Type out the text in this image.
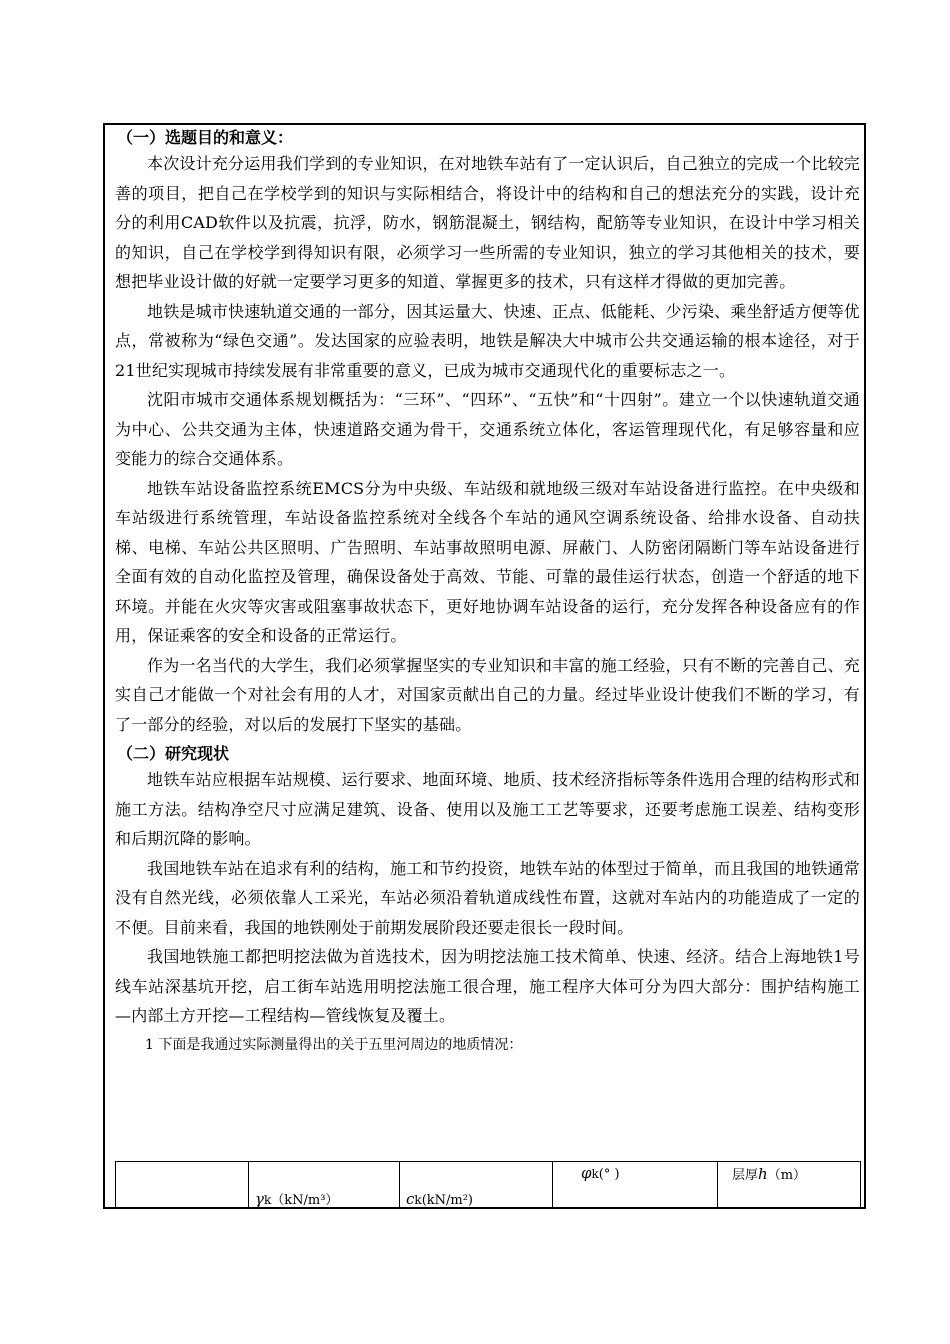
（一）选题目的和意义：

本次设计充分运用我们学到的专业知识，在对地铁车站有了一定认识后，自己独立的完成一个比较完善的项目，把自己在学校学到的知识与实际相结合，将设计中的结构和自己的想法充分的实践，设计充分的利用CAD软件以及抗震，抗浮，防水，钢筋混凝土，钢结构，配筋等专业知识，在设计中学习相关的知识，自己在学校学到得知识有限，必须学习一些所需的专业知识，独立的学习其他相关的技术，要想把毕业设计做的好就一定要学习更多的知道、掌握更多的技术，只有这样才得做的更加完善。

地铁是城市快速轨道交通的一部分，因其运量大、快速、正点、低能耗、少污染、乘坐舒适方便等优点，常被称为“绿色交通”。发达国家的应验表明，地铁是解决大中城市公共交通运输的根本途径，对于21世纪实现城市持续发展有非常重要的意义，已成为城市交通现代化的重要标志之一。

沈阳市城市交通体系规划概括为：“三环”、“四环”、“五快”和“十四射”。建立一个以快速轨道交通为中心、公共交通为主体，快速道路交通为骨干，交通系统立体化，客运管理现代化，有足够容量和应变能力的综合交通体系。

地铁车站设备监控系统EMCS分为中央级、车站级和就地级三级对车站设备进行监控。在中央级和车站级进行系统管理，车站设备监控系统对全线各个车站的通风空调系统设备、给排水设备、自动扶梯、电梯、车站公共区照明、广告照明、车站事故照明电源、屏蔽门、人防密闭隔断门等车站设备进行全面有效的自动化监控及管理，确保设备处于高效、节能、可靠的最佳运行状态，创造一个舒适的地下环境。并能在火灾等灾害或阻塞事故状态下，更好地协调车站设备的运行，充分发挥各种设备应有的作用，保证乘客的安全和设备的正常运行。

作为一名当代的大学生，我们必须掌握坚实的专业知识和丰富的施工经验，只有不断的完善自己、充实自己才能做一个对社会有用的人才，对国家贡献出自己的力量。经过毕业设计使我们不断的学习，有了一部分的经验，对以后的发展打下坚实的基础。

（二）研究现状

地铁车站应根据车站规模、运行要求、地面环境、地质、技术经济指标等条件选用合理的结构形式和施工方法。结构净空尺寸应满足建筑、设备、使用以及施工工艺等要求，还要考虑施工误差、结构变形和后期沉降的影响。

我国地铁车站在追求有利的结构，施工和节约投资，地铁车站的体型过于简单，而且我国的地铁通常没有自然光线，必须依靠人工采光，车站必须沿着轨道成线性布置，这就对车站内的功能造成了一定的不便。目前来看，我国的地铁刚处于前期发展阶段还要走很长一段时间。

我国地铁施工都把明挖法做为首选技术，因为明挖法施工技术简单、快速、经济。结合上海地铁1号线车站深基坑开挖，启工街车站选用明挖法施工很合理，施工程序大体可分为四大部分：围护结构施工—内部土方开挖—工程结构—管线恢复及覆土。

1 下面是我通过实际测量得出的关于五里河周边的地质情况：

	γk（kN/m³）	ck(kN/m²)	φk(° )	层厚h（m）
